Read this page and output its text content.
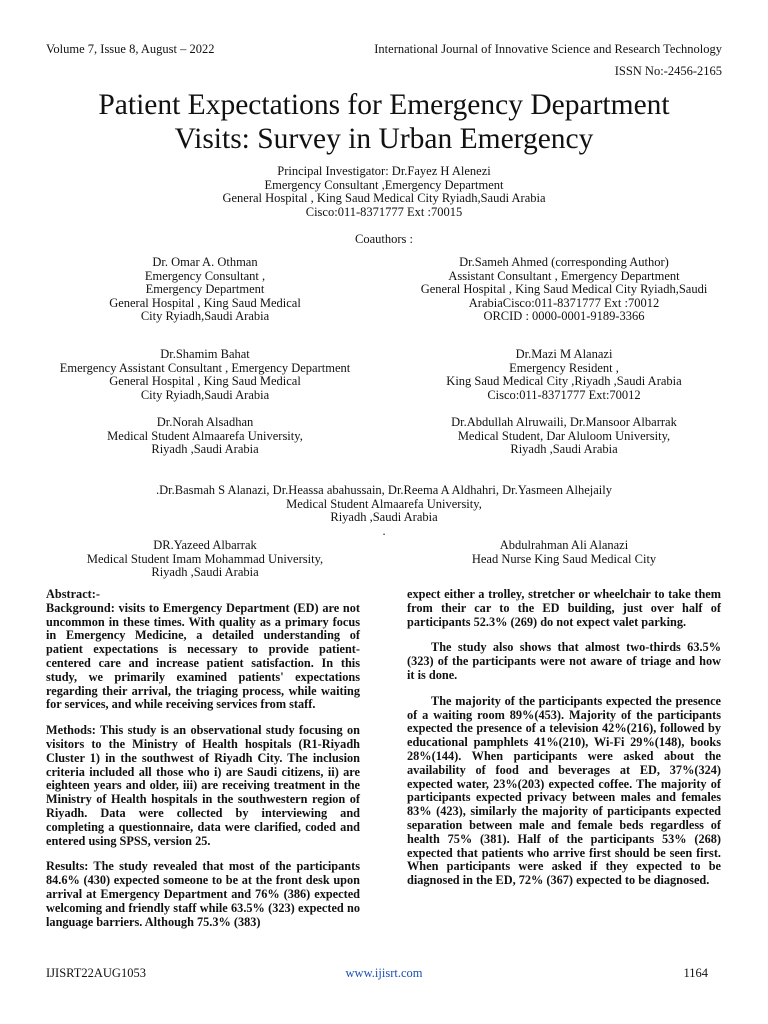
Volume 7, Issue 8, August – 2022	International Journal of Innovative Science and Research Technology
ISSN No:-2456-2165
Patient Expectations for Emergency Department
Visits: Survey in Urban Emergency
Principal Investigator: Dr.Fayez H Alenezi
Emergency Consultant ,Emergency Department
General Hospital , King Saud Medical City Ryiadh,Saudi Arabia
Cisco:011-8371777 Ext :70015
Coauthors :
Dr. Omar A. Othman
Emergency Consultant ,
Emergency Department
General Hospital , King Saud Medical
City Ryiadh,Saudi Arabia
Dr.Sameh Ahmed (corresponding Author)
Assistant Consultant , Emergency Department
General Hospital , King Saud Medical City Ryiadh,Saudi
ArabiaCisco:011-8371777 Ext :70012
ORCID : 0000-0001-9189-3366
Dr.Shamim Bahat
Emergency Assistant Consultant , Emergency Department
General Hospital , King Saud Medical
City Ryiadh,Saudi Arabia
Dr.Mazi M Alanazi
Emergency Resident ,
King Saud Medical City ,Riyadh ,Saudi Arabia
Cisco:011-8371777 Ext:70012
Dr.Norah Alsadhan
Medical Student Almaarefa University,
Riyadh ,Saudi Arabia
Dr.Abdullah Alruwaili, Dr.Mansoor Albarrak
Medical Student, Dar Aluloom University,
Riyadh ,Saudi Arabia
.Dr.Basmah S Alanazi, Dr.Heassa abahussain, Dr.Reema A Aldhahri, Dr.Yasmeen Alhejaily
Medical Student Almaarefa University,
Riyadh ,Saudi Arabia
.
DR.Yazeed Albarrak
Medical Student Imam Mohammad University,
Riyadh ,Saudi Arabia
Abdulrahman Ali Alanazi
Head Nurse King Saud Medical City

Abstract:-

Background: visits to Emergency Department (ED) are not uncommon in these times. With quality as a primary focus in Emergency Medicine, a detailed understanding of patient expectations is necessary to provide patient-centered care and increase patient satisfaction. In this study, we primarily examined patients' expectations regarding their arrival, the triaging process, while waiting for services, and while receiving services from staff.

Methods: This study is an observational study focusing on visitors to the Ministry of Health hospitals (R1-Riyadh Cluster 1) in the southwest of Riyadh City. The inclusion criteria included all those who i) are Saudi citizens, ii) are eighteen years and older, iii) are receiving treatment in the Ministry of Health hospitals in the southwestern region of Riyadh. Data were collected by interviewing and completing a questionnaire, data were clarified, coded and entered using SPSS, version 25.

Results: The study revealed that most of the participants 84.6% (430) expected someone to be at the front desk upon arrival at Emergency Department and 76% (386) expected welcoming and friendly staff while 63.5% (323) expected no language barriers. Although 75.3% (383)

expect either a trolley, stretcher or wheelchair to take them from their car to the ED building, just over half of participants 52.3% (269) do not expect valet parking.

The study also shows that almost two-thirds 63.5% (323) of the participants were not aware of triage and how it is done.

The majority of the participants expected the presence of a waiting room 89%(453). Majority of the participants expected the presence of a television 42%(216), followed by educational pamphlets 41%(210), Wi-Fi 29%(148), books 28%(144). When participants were asked about the availability of food and beverages at ED, 37%(324) expected water, 23%(203) expected coffee. The majority of participants expected privacy between males and females 83% (423), similarly the majority of participants expected separation between male and female beds regardless of health 75% (381). Half of the participants 53% (268) expected that patients who arrive first should be seen first. When participants were asked if they expected to be diagnosed in the ED, 72% (367) expected to be diagnosed.

IJISRT22AUG1053	www.ijisrt.com	1164
